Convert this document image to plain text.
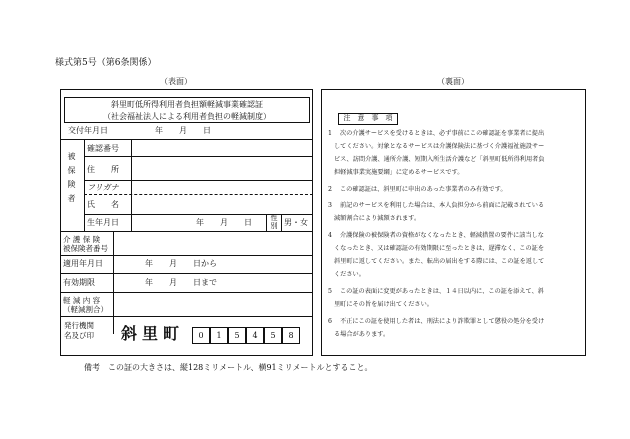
様式第5号（第6条関係）
（表面）	（裏面）
斜里町低所得利用者負担額軽減事業確認証
（社会福祉法人による利用者負担の軽減制度）
交付年月日	年　　月　　日
被保険者
確認番号
住　　所
フリガナ
氏　　名
生年月日	年　　月　　日	性別 男・女
介 護 保 険
被保険者番号
適用年月日	年　　月　　日から
有効期限	年　　月　　日まで
軽 減 内 容
（軽減割合）
発行機関
名及び印 斜里町	0	1	5	4	5	8
注　意　事　項
1 次の介護サービスを受けるときは、必ず事前にこの確認証を事業者に提出
してください。対象となるサービスは介護保険法に基づく介護福祉施設サー
ビス、訪問介護、通所介護、短期入所生活介護など「斜里町低所得利用者負
担軽減事業実施要綱」に定めるサービスです。
2 この確認証は、斜里町に申出のあった事業者のみ有効です。
3 前記のサービスを利用した場合は、本人負担分から前面に記載されている
減額割合により減額されます。
4 介護保険の被保険者の資格がなくなったとき、軽減措置の要件に該当しな
くなったとき、又は確認証の有効期限に至ったときは、遅滞なく、この証を
斜里町に返してください。また、転出の届出をする際には、この証を返して
ください。
5 この証の表面に変更があったときは、１４日以内に、この証を添えて、斜
里町にその旨を届け出てください。
6 不正にこの証を使用した者は、刑法により詐欺罪として懲役の処分を受け
る場合があります。
備考　この証の大きさは、縦128ミリメートル、横91ミリメートルとすること。
